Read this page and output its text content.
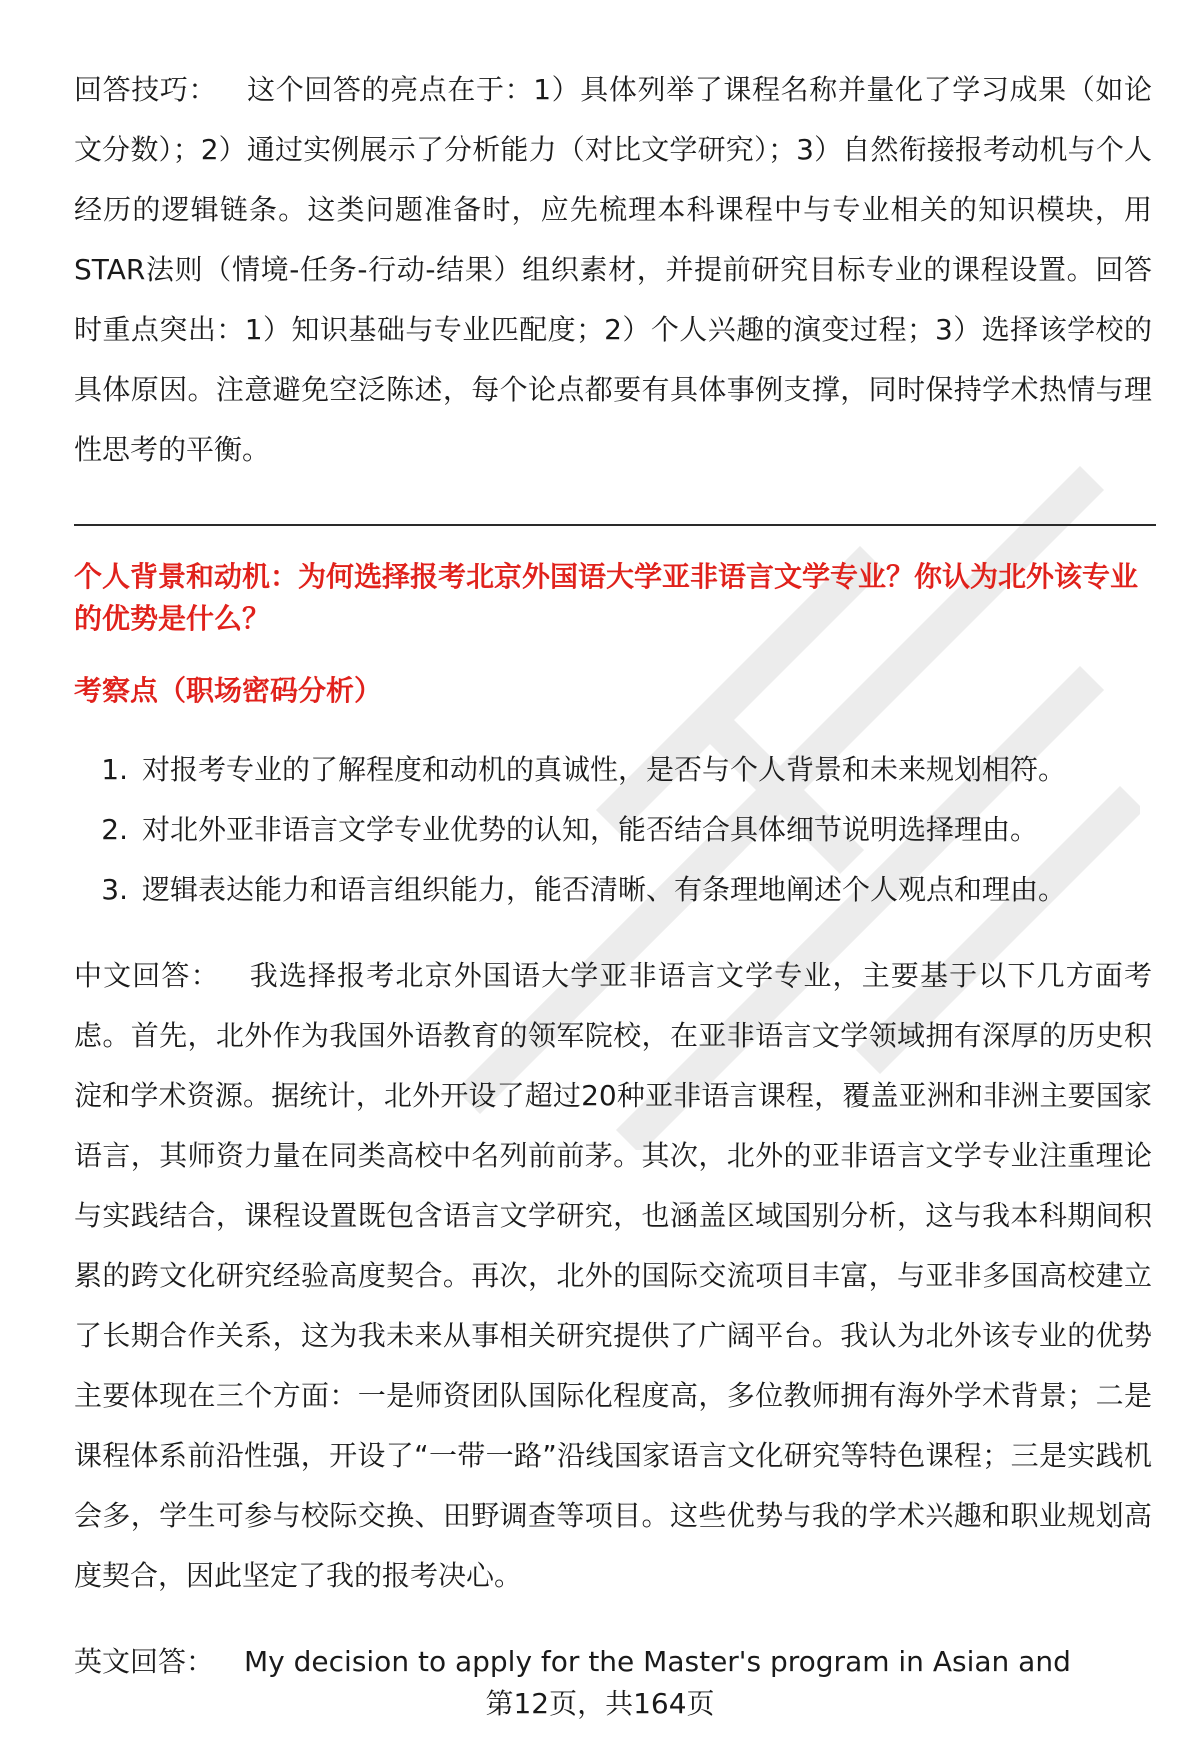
回答技巧： 这个回答的亮点在于：1）具体列举了课程名称并量化了学习成果（如论文分数）；2）通过实例展示了分析能力（对比文学研究）；3）自然衔接报考动机与个人经历的逻辑链条。这类问题准备时，应先梳理本科课程中与专业相关的知识模块，用STAR法则（情境-任务-行动-结果）组织素材，并提前研究目标专业的课程设置。回答时重点突出：1）知识基础与专业匹配度；2）个人兴趣的演变过程；3）选择该学校的具体原因。注意避免空泛陈述，每个论点都要有具体事例支撑，同时保持学术热情与理性思考的平衡。

个人背景和动机：为何选择报考北京外国语大学亚非语言文学专业？你认为北外该专业的优势是什么？

考察点（职场密码分析）

1. 对报考专业的了解程度和动机的真诚性，是否与个人背景和未来规划相符。
2. 对北外亚非语言文学专业优势的认知，能否结合具体细节说明选择理由。
3. 逻辑表达能力和语言组织能力，能否清晰、有条理地阐述个人观点和理由。

中文回答： 我选择报考北京外国语大学亚非语言文学专业，主要基于以下几方面考虑。首先，北外作为我国外语教育的领军院校，在亚非语言文学领域拥有深厚的历史积淀和学术资源。据统计，北外开设了超过20种亚非语言课程，覆盖亚洲和非洲主要国家语言，其师资力量在同类高校中名列前前茅。其次，北外的亚非语言文学专业注重理论与实践结合，课程设置既包含语言文学研究，也涵盖区域国别分析，这与我本科期间积累的跨文化研究经验高度契合。再次，北外的国际交流项目丰富，与亚非多国高校建立了长期合作关系，这为我未来从事相关研究提供了广阔平台。我认为北外该专业的优势主要体现在三个方面：一是师资团队国际化程度高，多位教师拥有海外学术背景；二是课程体系前沿性强，开设了“一带一路”沿线国家语言文化研究等特色课程；三是实践机会多，学生可参与校际交换、田野调查等项目。这些优势与我的学术兴趣和职业规划高度契合，因此坚定了我的报考决心。

英文回答： My decision to apply for the Master's program in Asian and

第12页，共164页
